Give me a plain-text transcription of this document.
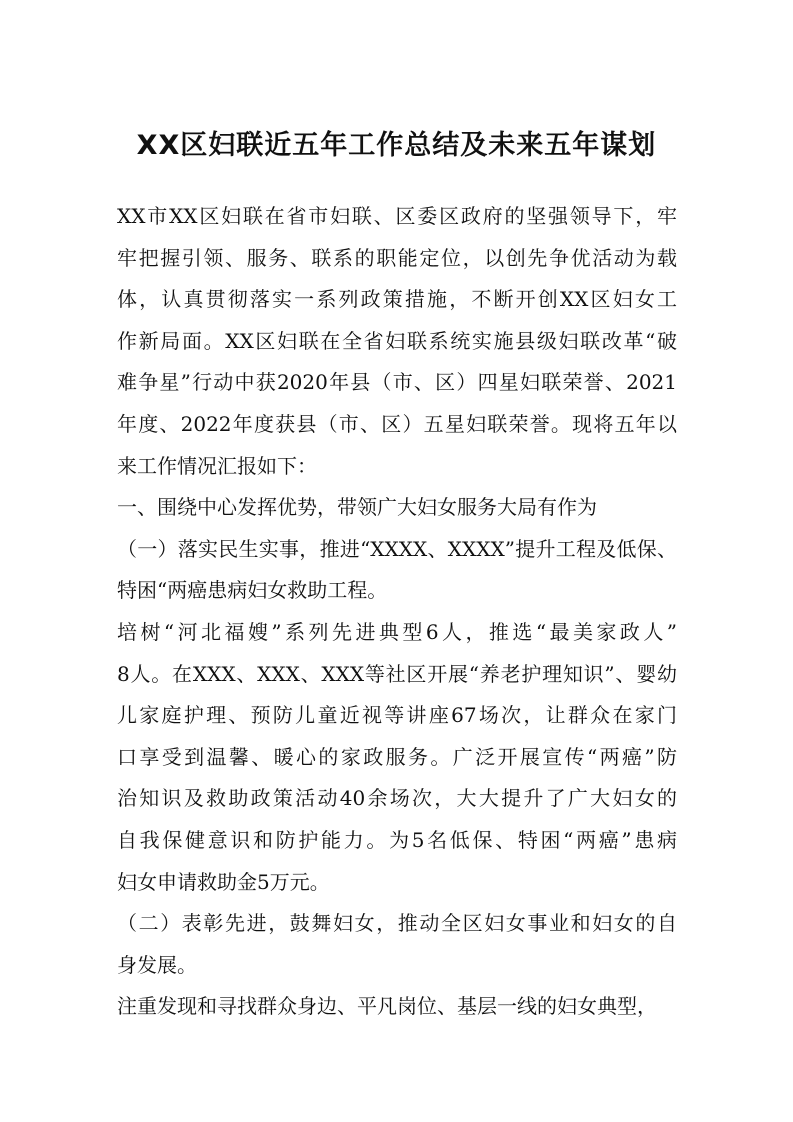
XX区妇联近五年工作总结及未来五年谋划

XX市XX区妇联在省市妇联、区委区政府的坚强领导下，牢
牢把握引领、服务、联系的职能定位，以创先争优活动为载
体，认真贯彻落实一系列政策措施，不断开创XX区妇女工
作新局面。XX区妇联在全省妇联系统实施县级妇联改革“破
难争星”行动中获2020年县（市、区）四星妇联荣誉、2021
年度、2022年度获县（市、区）五星妇联荣誉。现将五年以
来工作情况汇报如下：

一、围绕中心发挥优势，带领广大妇女服务大局有作为

（一）落实民生实事，推进“XXXX、XXXX”提升工程及低保、
特困“两癌患病妇女救助工程。

培树“河北福嫂”系列先进典型6人，推选“最美家政人”
8人。在XXX、XXX、XXX等社区开展“养老护理知识”、婴幼
儿家庭护理、预防儿童近视等讲座67场次，让群众在家门
口享受到温馨、暖心的家政服务。广泛开展宣传“两癌”防
治知识及救助政策活动40余场次，大大提升了广大妇女的
自我保健意识和防护能力。为5名低保、特困“两癌”患病
妇女申请救助金5万元。

（二）表彰先进，鼓舞妇女，推动全区妇女事业和妇女的自
身发展。

注重发现和寻找群众身边、平凡岗位、基层一线的妇女典型，
